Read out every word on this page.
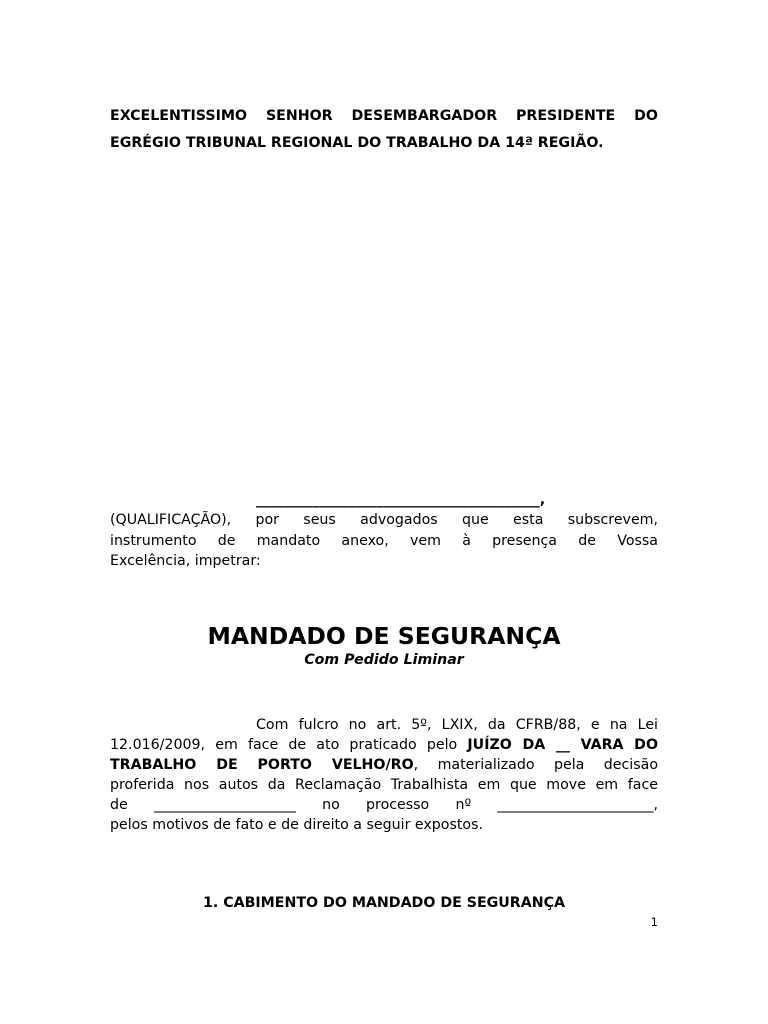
EXCELENTISSIMO SENHOR DESEMBARGADOR PRESIDENTE DO
EGRÉGIO TRIBUNAL REGIONAL DO TRABALHO DA 14ª REGIÃO.
________________________________________,
(QUALIFICAÇÃO), por seus advogados que esta subscrevem,
instrumento de mandato anexo, vem à presença de Vossa
Excelência, impetrar:
MANDADO DE SEGURANÇA
Com Pedido Liminar
Com fulcro no art. 5º, LXIX, da CFRB/88, e na Lei
12.016/2009, em face de ato praticado pelo JUÍZO DA __ VARA DO
TRABALHO DE PORTO VELHO/RO, materializado pela decisão
proferida nos autos da Reclamação Trabalhista em que move em face
de ____________________ no processo nº ______________________,
pelos motivos de fato e de direito a seguir expostos.
1. CABIMENTO DO MANDADO DE SEGURANÇA
1
